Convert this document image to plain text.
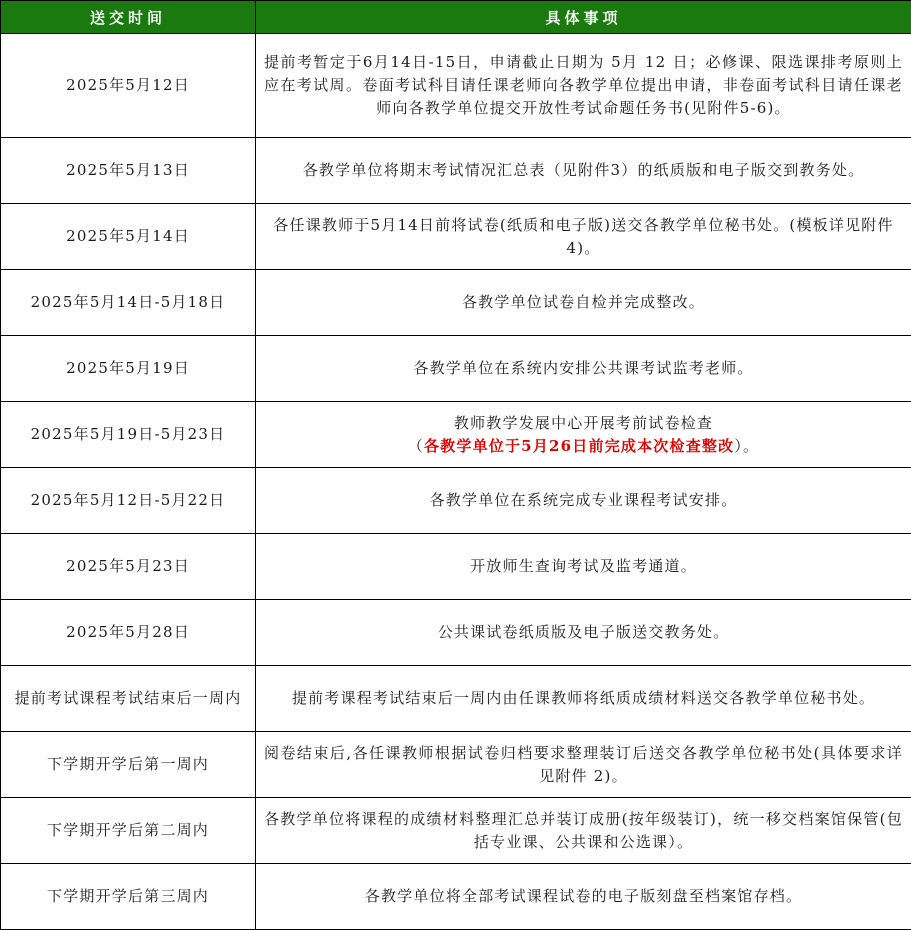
送交时间	具体事项
2025年5月12日	提前考暂定于6月14日-15日，申请截止日期为 5月 12 日；必修课、限选课排考原则上应在考试周。卷面考试科目请任课老师向各教学单位提出申请，非卷面考试科目请任课老师向各教学单位提交开放性考试命题任务书(见附件5-6)。
2025年5月13日	各教学单位将期末考试情况汇总表（见附件3）的纸质版和电子版交到教务处。
2025年5月14日	各任课教师于5月14日前将试卷(纸质和电子版)送交各教学单位秘书处。(模板详见附件4)。
2025年5月14日-5月18日	各教学单位试卷自检并完成整改。
2025年5月19日	各教学单位在系统内安排公共课考试监考老师。
2025年5月19日-5月23日	教师教学发展中心开展考前试卷检查
（各教学单位于5月26日前完成本次检查整改）。

2025年5月12日-5月22日	各教学单位在系统完成专业课程考试安排。
2025年5月23日	开放师生查询考试及监考通道。
2025年5月28日	公共课试卷纸质版及电子版送交教务处。
提前考试课程考试结束后一周内	提前考课程考试结束后一周内由任课教师将纸质成绩材料送交各教学单位秘书处。
下学期开学后第一周内	阅卷结束后,各任课教师根据试卷归档要求整理装订后送交各教学单位秘书处(具体要求详见附件 2)。
下学期开学后第二周内	各教学单位将课程的成绩材料整理汇总并装订成册(按年级装订)，统一移交档案馆保管(包括专业课、公共课和公选课）。
下学期开学后第三周内	各教学单位将全部考试课程试卷的电子版刻盘至档案馆存档。
